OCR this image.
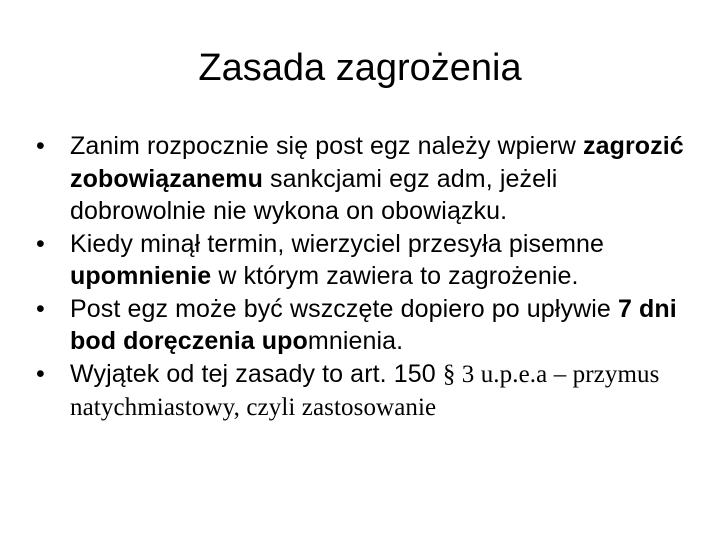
Zasada zagrożenia
•	Zanim rozpocznie się post egz należy wpierw zagrozić zobowiązanemu sankcjami egz adm, jeżeli dobrowolnie nie wykona on obowiązku.
•	Kiedy minął termin, wierzyciel przesyła pisemne upomnienie w którym zawiera to zagrożenie.
•	Post egz może być wszczęte dopiero po upływie 7 dni bod doręczenia upomnienia.
•	Wyjątek od tej zasady to art. 150 § 3 u.p.e.a – przymus natychmiastowy, czyli zastosowanie
